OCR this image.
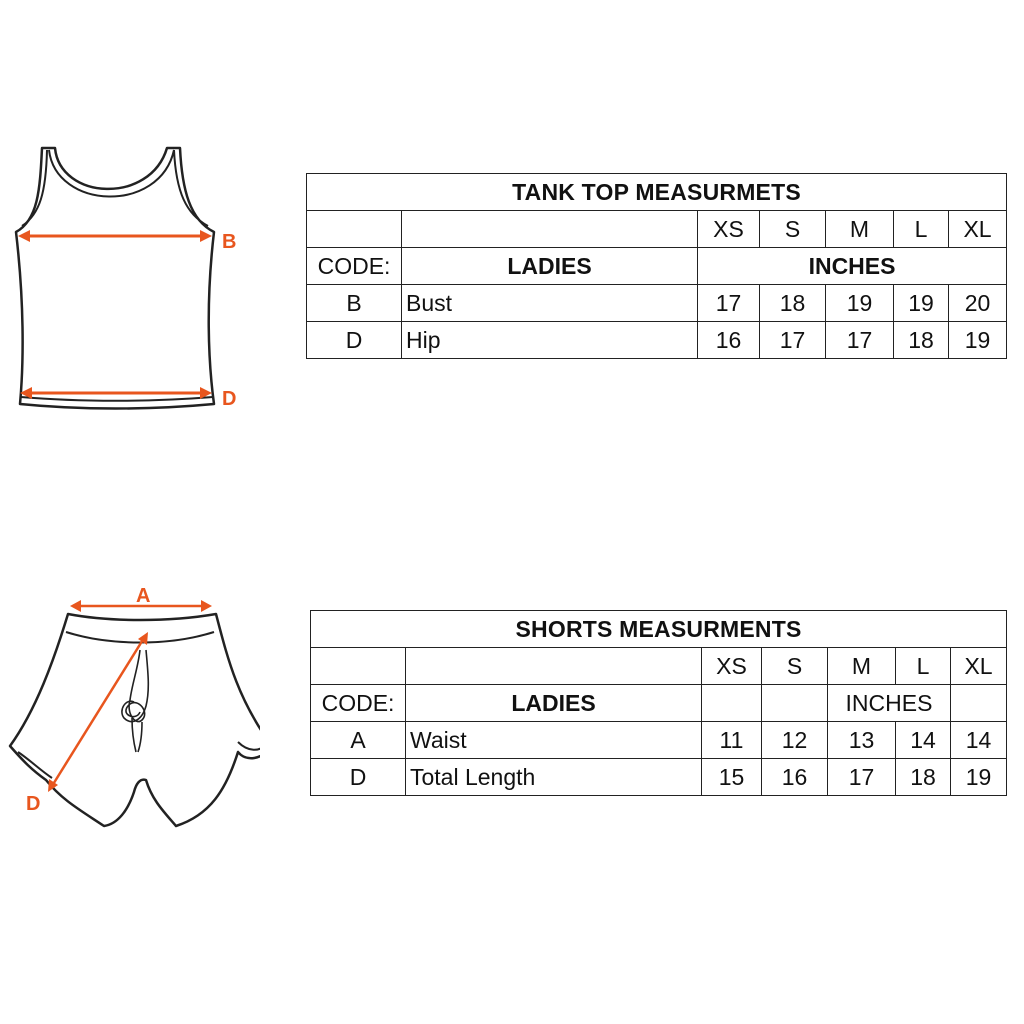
B
D
TANK TOP MEASURMETS						
		XS	S	M	L	XL
CODE:	LADIES	INCHES				
B	Bust	17	18	19	19	20
D	Hip	16	17	17	18	19
A
D
SHORTS MEASURMENTS						
		XS	S	M	L	XL
CODE:	LADIES			INCHES		
A	Waist	11	12	13	14	14
D	Total Length	15	16	17	18	19
